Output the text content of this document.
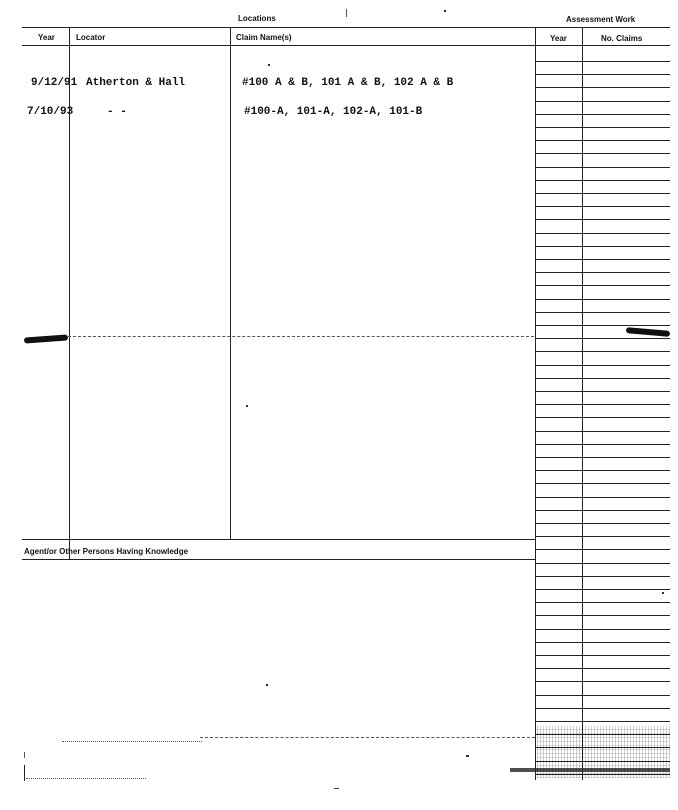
Locations	Assessment Work
Year	Locator	Claim Name(s)	Year	No. Claims
9/12/91 Atherton & Hall	#100 A & B, 101 A & B, 102 A & B
7/10/93	- -	#100-A, 101-A, 102-A, 101-B
Agent/or Other Persons Having Knowledge
